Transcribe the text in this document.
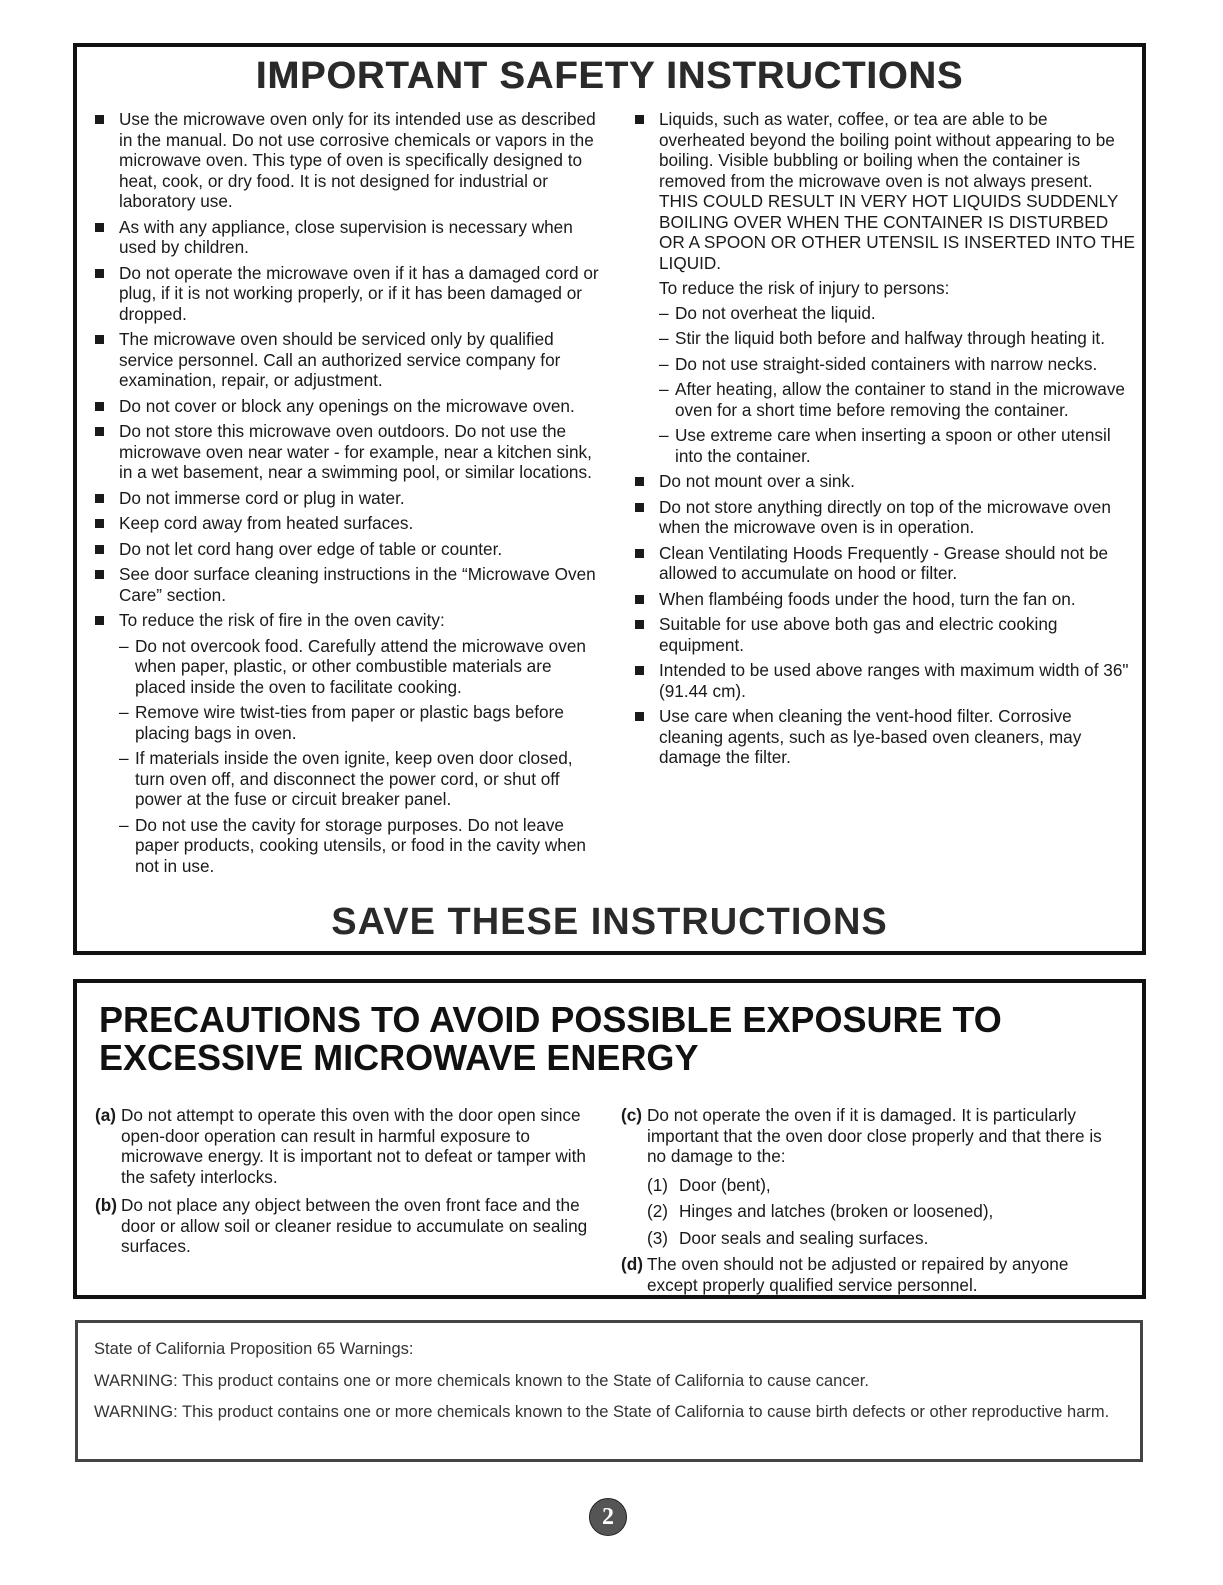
IMPORTANT SAFETY INSTRUCTIONS
Use the microwave oven only for its intended use as described in the manual. Do not use corrosive chemicals or vapors in the microwave oven. This type of oven is specifically designed to heat, cook, or dry food. It is not designed for industrial or laboratory use.
As with any appliance, close supervision is necessary when used by children.
Do not operate the microwave oven if it has a damaged cord or plug, if it is not working properly, or if it has been damaged or dropped.
The microwave oven should be serviced only by qualified service personnel. Call an authorized service company for examination, repair, or adjustment.
Do not cover or block any openings on the microwave oven.
Do not store this microwave oven outdoors. Do not use the microwave oven near water - for example, near a kitchen sink, in a wet basement, near a swimming pool, or similar locations.
Do not immerse cord or plug in water.
Keep cord away from heated surfaces.
Do not let cord hang over edge of table or counter.
See door surface cleaning instructions in the “Microwave Oven Care” section.
To reduce the risk of fire in the oven cavity:
– Do not overcook food. Carefully attend the microwave oven when paper, plastic, or other combustible materials are placed inside the oven to facilitate cooking.
– Remove wire twist-ties from paper or plastic bags before placing bags in oven.
– If materials inside the oven ignite, keep oven door closed, turn oven off, and disconnect the power cord, or shut off power at the fuse or circuit breaker panel.
– Do not use the cavity for storage purposes. Do not leave paper products, cooking utensils, or food in the cavity when not in use.
Liquids, such as water, coffee, or tea are able to be overheated beyond the boiling point without appearing to be boiling. Visible bubbling or boiling when the container is removed from the microwave oven is not always present. THIS COULD RESULT IN VERY HOT LIQUIDS SUDDENLY BOILING OVER WHEN THE CONTAINER IS DISTURBED OR A SPOON OR OTHER UTENSIL IS INSERTED INTO THE LIQUID.
To reduce the risk of injury to persons:
– Do not overheat the liquid.
– Stir the liquid both before and halfway through heating it.
– Do not use straight-sided containers with narrow necks.
– After heating, allow the container to stand in the microwave oven for a short time before removing the container.
– Use extreme care when inserting a spoon or other utensil into the container.
Do not mount over a sink.
Do not store anything directly on top of the microwave oven when the microwave oven is in operation.
Clean Ventilating Hoods Frequently - Grease should not be allowed to accumulate on hood or filter.
When flambéing foods under the hood, turn the fan on.
Suitable for use above both gas and electric cooking equipment.
Intended to be used above ranges with maximum width of 36" (91.44 cm).
Use care when cleaning the vent-hood filter. Corrosive cleaning agents, such as lye-based oven cleaners, may damage the filter.
SAVE THESE INSTRUCTIONS
PRECAUTIONS TO AVOID POSSIBLE EXPOSURE TO EXCESSIVE MICROWAVE ENERGY
(a) Do not attempt to operate this oven with the door open since open-door operation can result in harmful exposure to microwave energy. It is important not to defeat or tamper with the safety interlocks.
(b) Do not place any object between the oven front face and the door or allow soil or cleaner residue to accumulate on sealing surfaces.
(c) Do not operate the oven if it is damaged. It is particularly important that the oven door close properly and that there is no damage to the:
(1) Door (bent),
(2) Hinges and latches (broken or loosened),
(3) Door seals and sealing surfaces.
(d) The oven should not be adjusted or repaired by anyone except properly qualified service personnel.
State of California Proposition 65 Warnings:
WARNING: This product contains one or more chemicals known to the State of California to cause cancer.
WARNING: This product contains one or more chemicals known to the State of California to cause birth defects or other reproductive harm.
2
